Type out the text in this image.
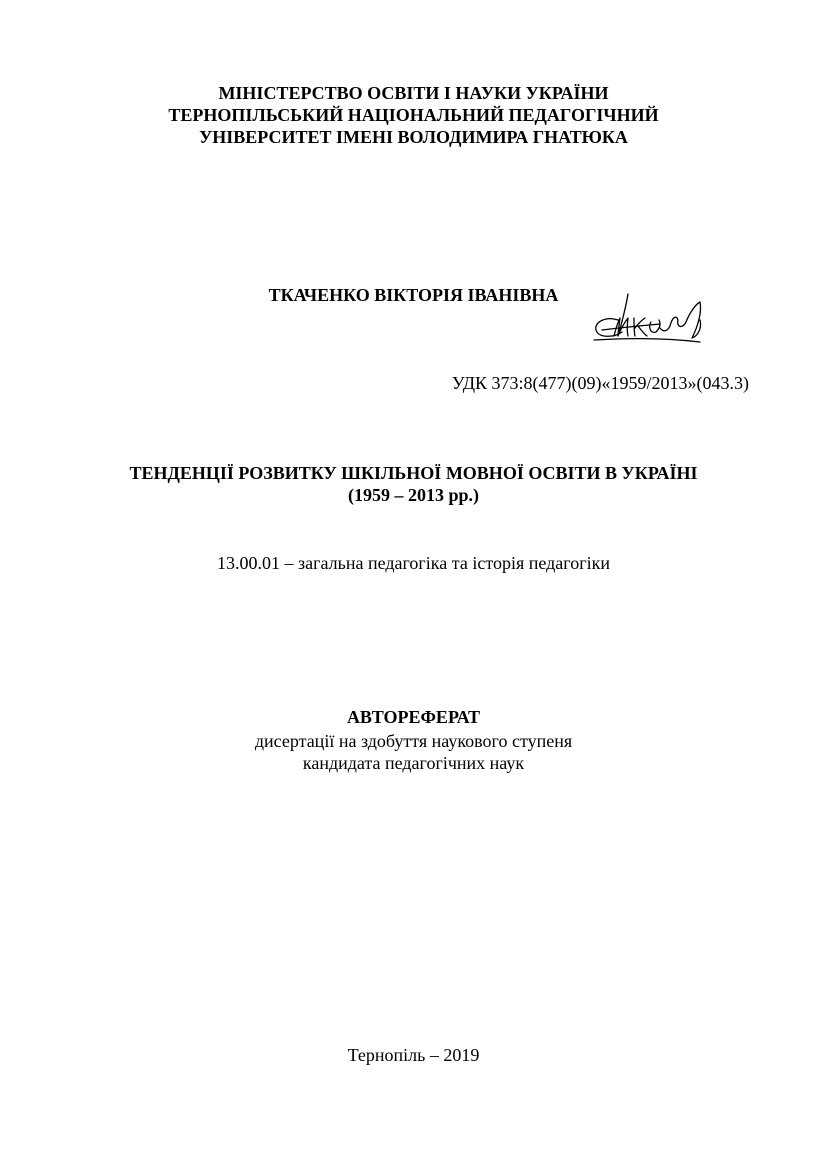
МІНІСТЕРСТВО ОСВІТИ І НАУКИ УКРАЇНИ
ТЕРНОПІЛЬСЬКИЙ НАЦІОНАЛЬНИЙ ПЕДАГОГІЧНИЙ
УНІВЕРСИТЕТ ІМЕНІ ВОЛОДИМИРА ГНАТЮКА
ТКАЧЕНКО ВІКТОРІЯ ІВАНІВНА
УДК 373:8(477)(09)«1959/2013»(043.3)
ТЕНДЕНЦІЇ РОЗВИТКУ ШКІЛЬНОЇ МОВНОЇ ОСВІТИ В УКРАЇНІ
(1959 – 2013 рр.)
13.00.01 – загальна педагогіка та історія педагогіки
АВТОРЕФЕРАТ
дисертації на здобуття наукового ступеня
кандидата педагогічних наук
Тернопіль – 2019
